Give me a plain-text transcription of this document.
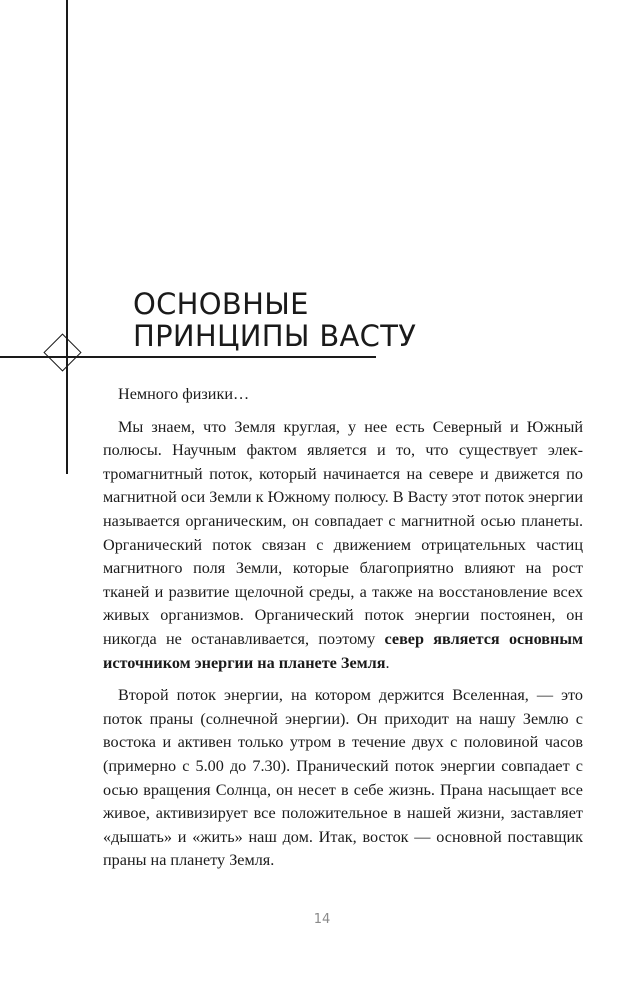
ОСНОВНЫЕ
ПРИНЦИПЫ ВАСТУ

Немного физики…

Мы знаем, что Земля круглая, у нее есть Северный и Южный полюсы. Научным фактом является и то, что существует электромагнитный поток, который начинается на севере и движется по магнитной оси Земли к Южному полюсу. В Васту этот поток энергии называется органическим, он совпадает с магнитной осью планеты. Органический поток связан с движением отрицательных частиц магнитного поля Земли, которые благоприятно влияют на рост тканей и развитие щелочной среды, а также на восстановление всех живых организмов. Органический поток энергии постоянен, он никогда не останавливается, поэтому север является основным источником энергии на планете Земля.

Второй поток энергии, на котором держится Вселенная, — это поток праны (солнечной энергии). Он приходит на нашу Землю с востока и активен только утром в течение двух с половиной часов (примерно с 5.00 до 7.30). Пранический поток энергии совпадает с осью вращения Солнца, он несет в себе жизнь. Прана насыщает все живое, активизирует все положительное в нашей жизни, заставляет «дышать» и «жить» наш дом. Итак, восток — основной поставщик праны на планету Земля.

14
